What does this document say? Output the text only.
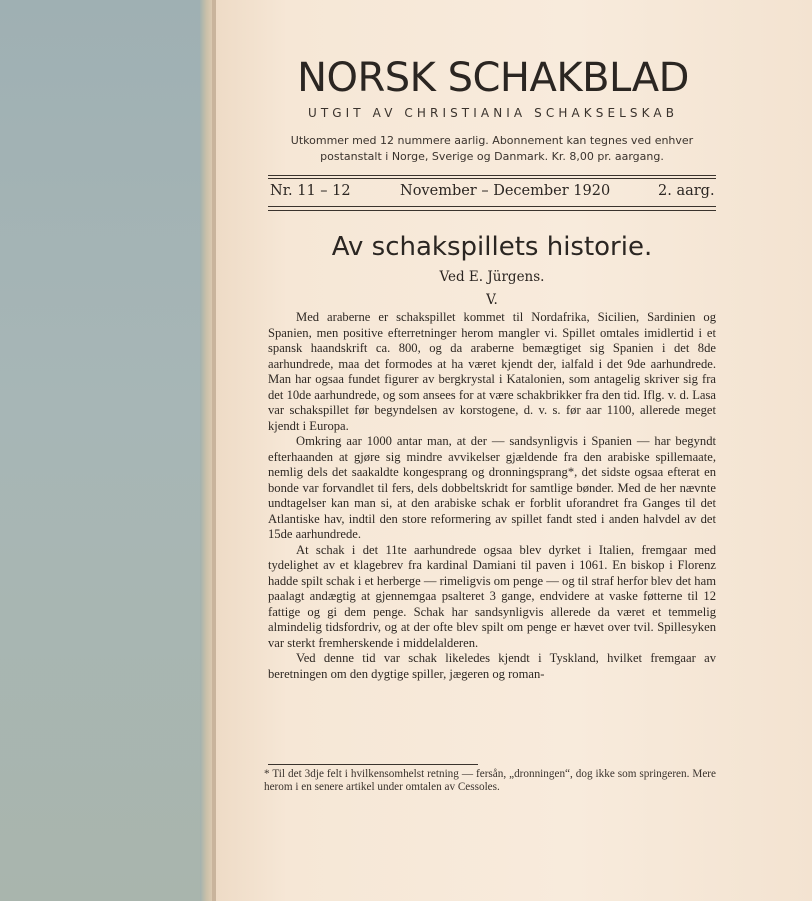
NORSK SCHAKBLAD
UTGIT AV CHRISTIANIA SCHAKSELSKAB
Utkommer med 12 nummere aarlig. Abonnement kan tegnes ved enhver
postanstalt i Norge, Sverige og Danmark. Kr. 8,00 pr. aargang.
Nr. 11 – 12	November – December 1920	2. aarg.
Av schakspillets historie.
Ved E. Jürgens.
V.

Med araberne er schakspillet kommet til Nordafrika, Sicilien, Sardinien og Spanien, men positive efterretninger herom mangler vi. Spillet omtales imidlertid i et spansk haandskrift ca. 800, og da araberne bemægtiget sig Spanien i det 8de aarhundrede, maa det formodes at ha været kjendt der, ialfald i det 9de aarhundrede. Man har ogsaa fundet figurer av bergkrystal i Katalonien, som antagelig skriver sig fra det 10de aarhundrede, og som ansees for at være schakbrikker fra den tid. Iflg. v. d. Lasa var schakspillet før begyndelsen av korstogene, d. v. s. før aar 1100, allerede meget kjendt i Europa.

Omkring aar 1000 antar man, at der — sandsynligvis i Spanien — har begyndt efterhaanden at gjøre sig mindre avvikelser gjældende fra den arabiske spillemaate, nemlig dels det saakaldte kongesprang og dronningsprang*, det sidste ogsaa efterat en bonde var forvandlet til fers, dels dobbeltskridt for samtlige bønder. Med de her nævnte undtagelser kan man si, at den arabiske schak er forblit uforandret fra Ganges til det Atlantiske hav, indtil den store reformering av spillet fandt sted i anden halvdel av det 15de aarhundrede.

At schak i det 11te aarhundrede ogsaa blev dyrket i Italien, fremgaar med tydelighet av et klagebrev fra kardinal Damiani til paven i 1061. En biskop i Florenz hadde spilt schak i et herberge — rimeligvis om penge — og til straf herfor blev det ham paalagt andægtig at gjennemgaa psalteret 3 gange, endvidere at vaske føtterne til 12 fattige og gi dem penge. Schak har sandsynligvis allerede da været et temmelig almindelig tidsfordriv, og at der ofte blev spilt om penge er hævet over tvil. Spillesyken var sterkt fremherskende i middelalderen.

Ved denne tid var schak likeledes kjendt i Tyskland, hvilket fremgaar av beretningen om den dygtige spiller, jægeren og roman-

* Til det 3dje felt i hvilkensomhelst retning — fersån, „dronningen“, dog ikke som springeren. Mere herom i en senere artikel under omtalen av Cessoles.
